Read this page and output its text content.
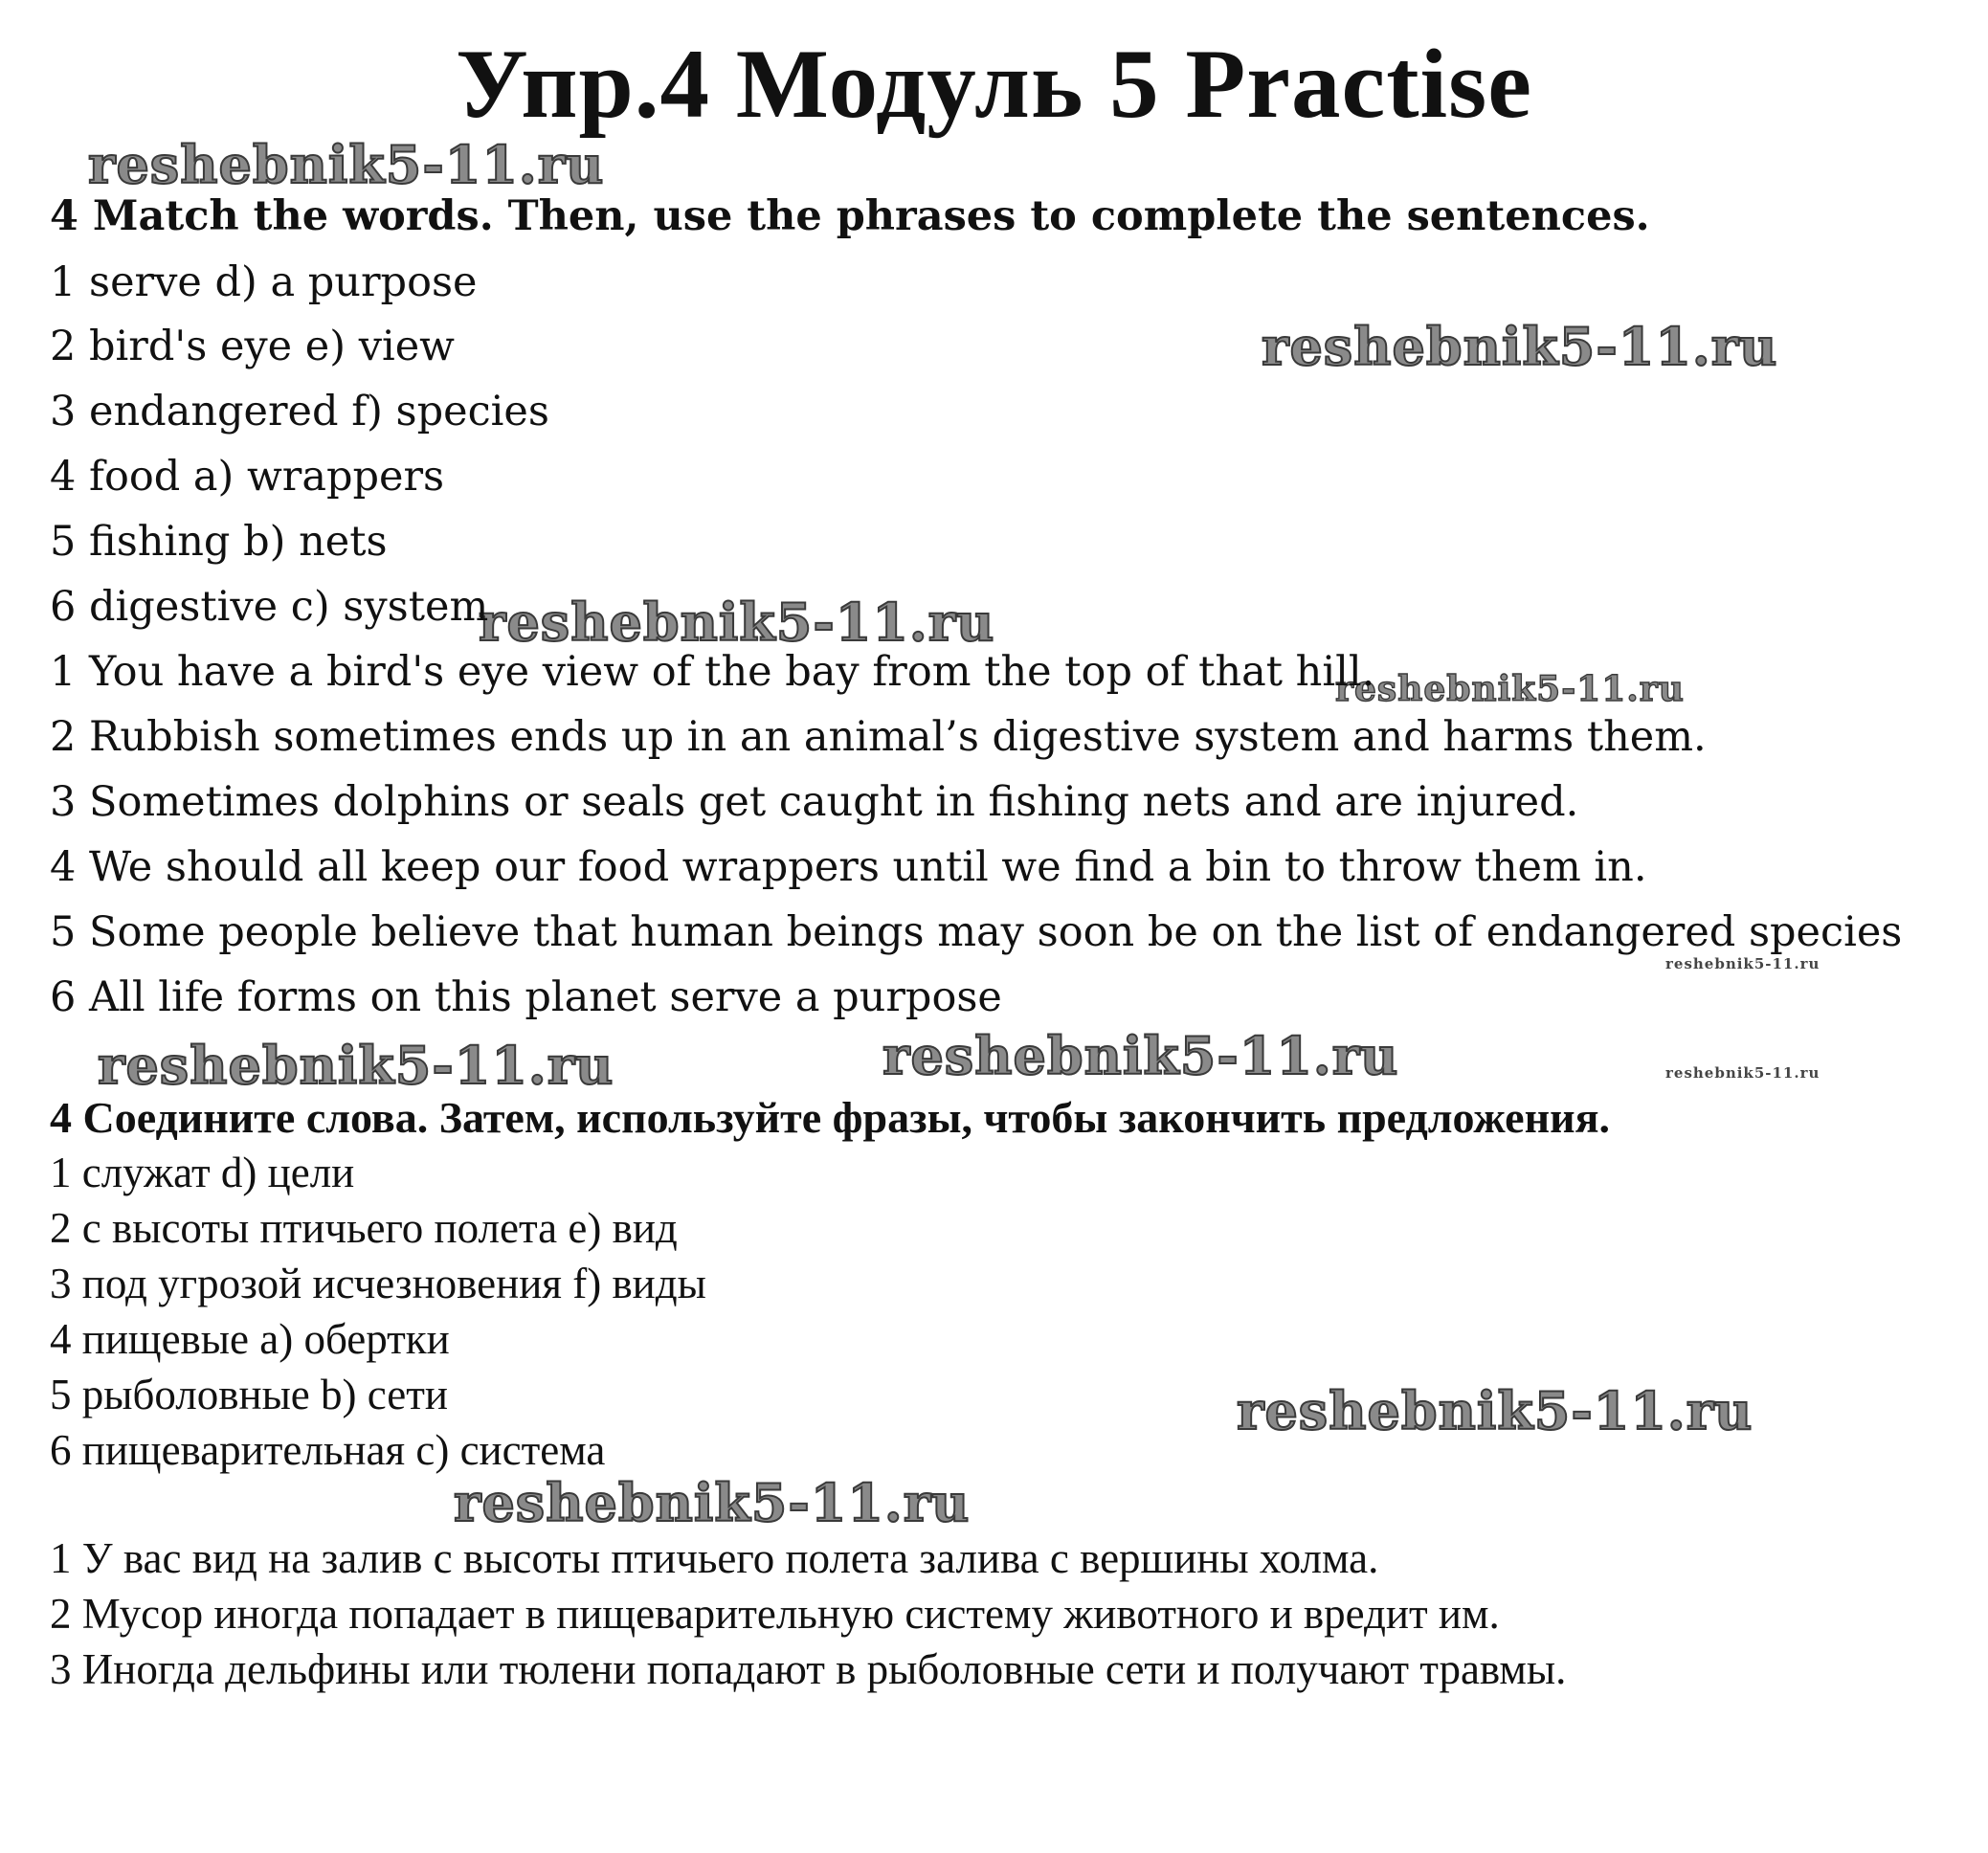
Упр.4 Модуль 5 Practise
reshebnik5-11.ru
reshebnik5-11.ru
reshebnik5-11.ru
reshebnik5-11.ru
reshebnik5-11.ru
reshebnik5-11.ru	reshebnik5-11.ru	reshebnik5-11.ru
reshebnik5-11.ru
reshebnik5-11.ru
4 Match the words. Then, use the phrases to complete the sentences.
1 serve d) a purpose
2 bird's eye e) view
3 endangered f) species
4 food a) wrappers
5 fishing b) nets
6 digestive c) system
1 You have a bird's eye view of the bay from the top of that hill.
2 Rubbish sometimes ends up in an animal’s digestive system and harms them.
3 Sometimes dolphins or seals get caught in fishing nets and are injured.
4 We should all keep our food wrappers until we find a bin to throw them in.
5 Some people believe that human beings may soon be on the list of endangered species
6 All life forms on this planet serve a purpose
4 Соедините слова. Затем, используйте фразы, чтобы закончить предложения.
1 служат d) цели
2 с высоты птичьего полета e) вид
3 под угрозой исчезновения f) виды
4 пищевые a) обертки
5 рыболовные b) сети
6 пищеварительная c) система
1 У вас вид на залив с высоты птичьего полета залива с вершины холма.
2 Мусор иногда попадает в пищеварительную систему животного и вредит им.
3 Иногда дельфины или тюлени попадают в рыболовные сети и получают травмы.
